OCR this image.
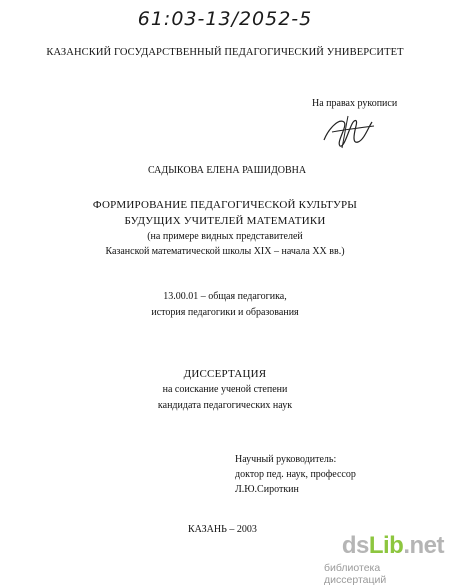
61:03-13/2052-5
КАЗАНСКИЙ ГОСУДАРСТВЕННЫЙ ПЕДАГОГИЧЕСКИЙ УНИВЕРСИТЕТ
На правах рукописи
САДЫКОВА ЕЛЕНА РАШИДОВНА
ФОРМИРОВАНИЕ ПЕДАГОГИЧЕСКОЙ КУЛЬТУРЫ
БУДУЩИХ УЧИТЕЛЕЙ МАТЕМАТИКИ
(на примере видных представителей
Казанской математической школы XIX – начала XX вв.)
13.00.01 – общая педагогика,
история педагогики и образования
ДИССЕРТАЦИЯ
на соискание ученой степени
кандидата педагогических наук
Научный руководитель:
доктор пед. наук, профессор
Л.Ю.Сироткин
КАЗАНЬ – 2003
dsLib.net
библиотека диссертаций
